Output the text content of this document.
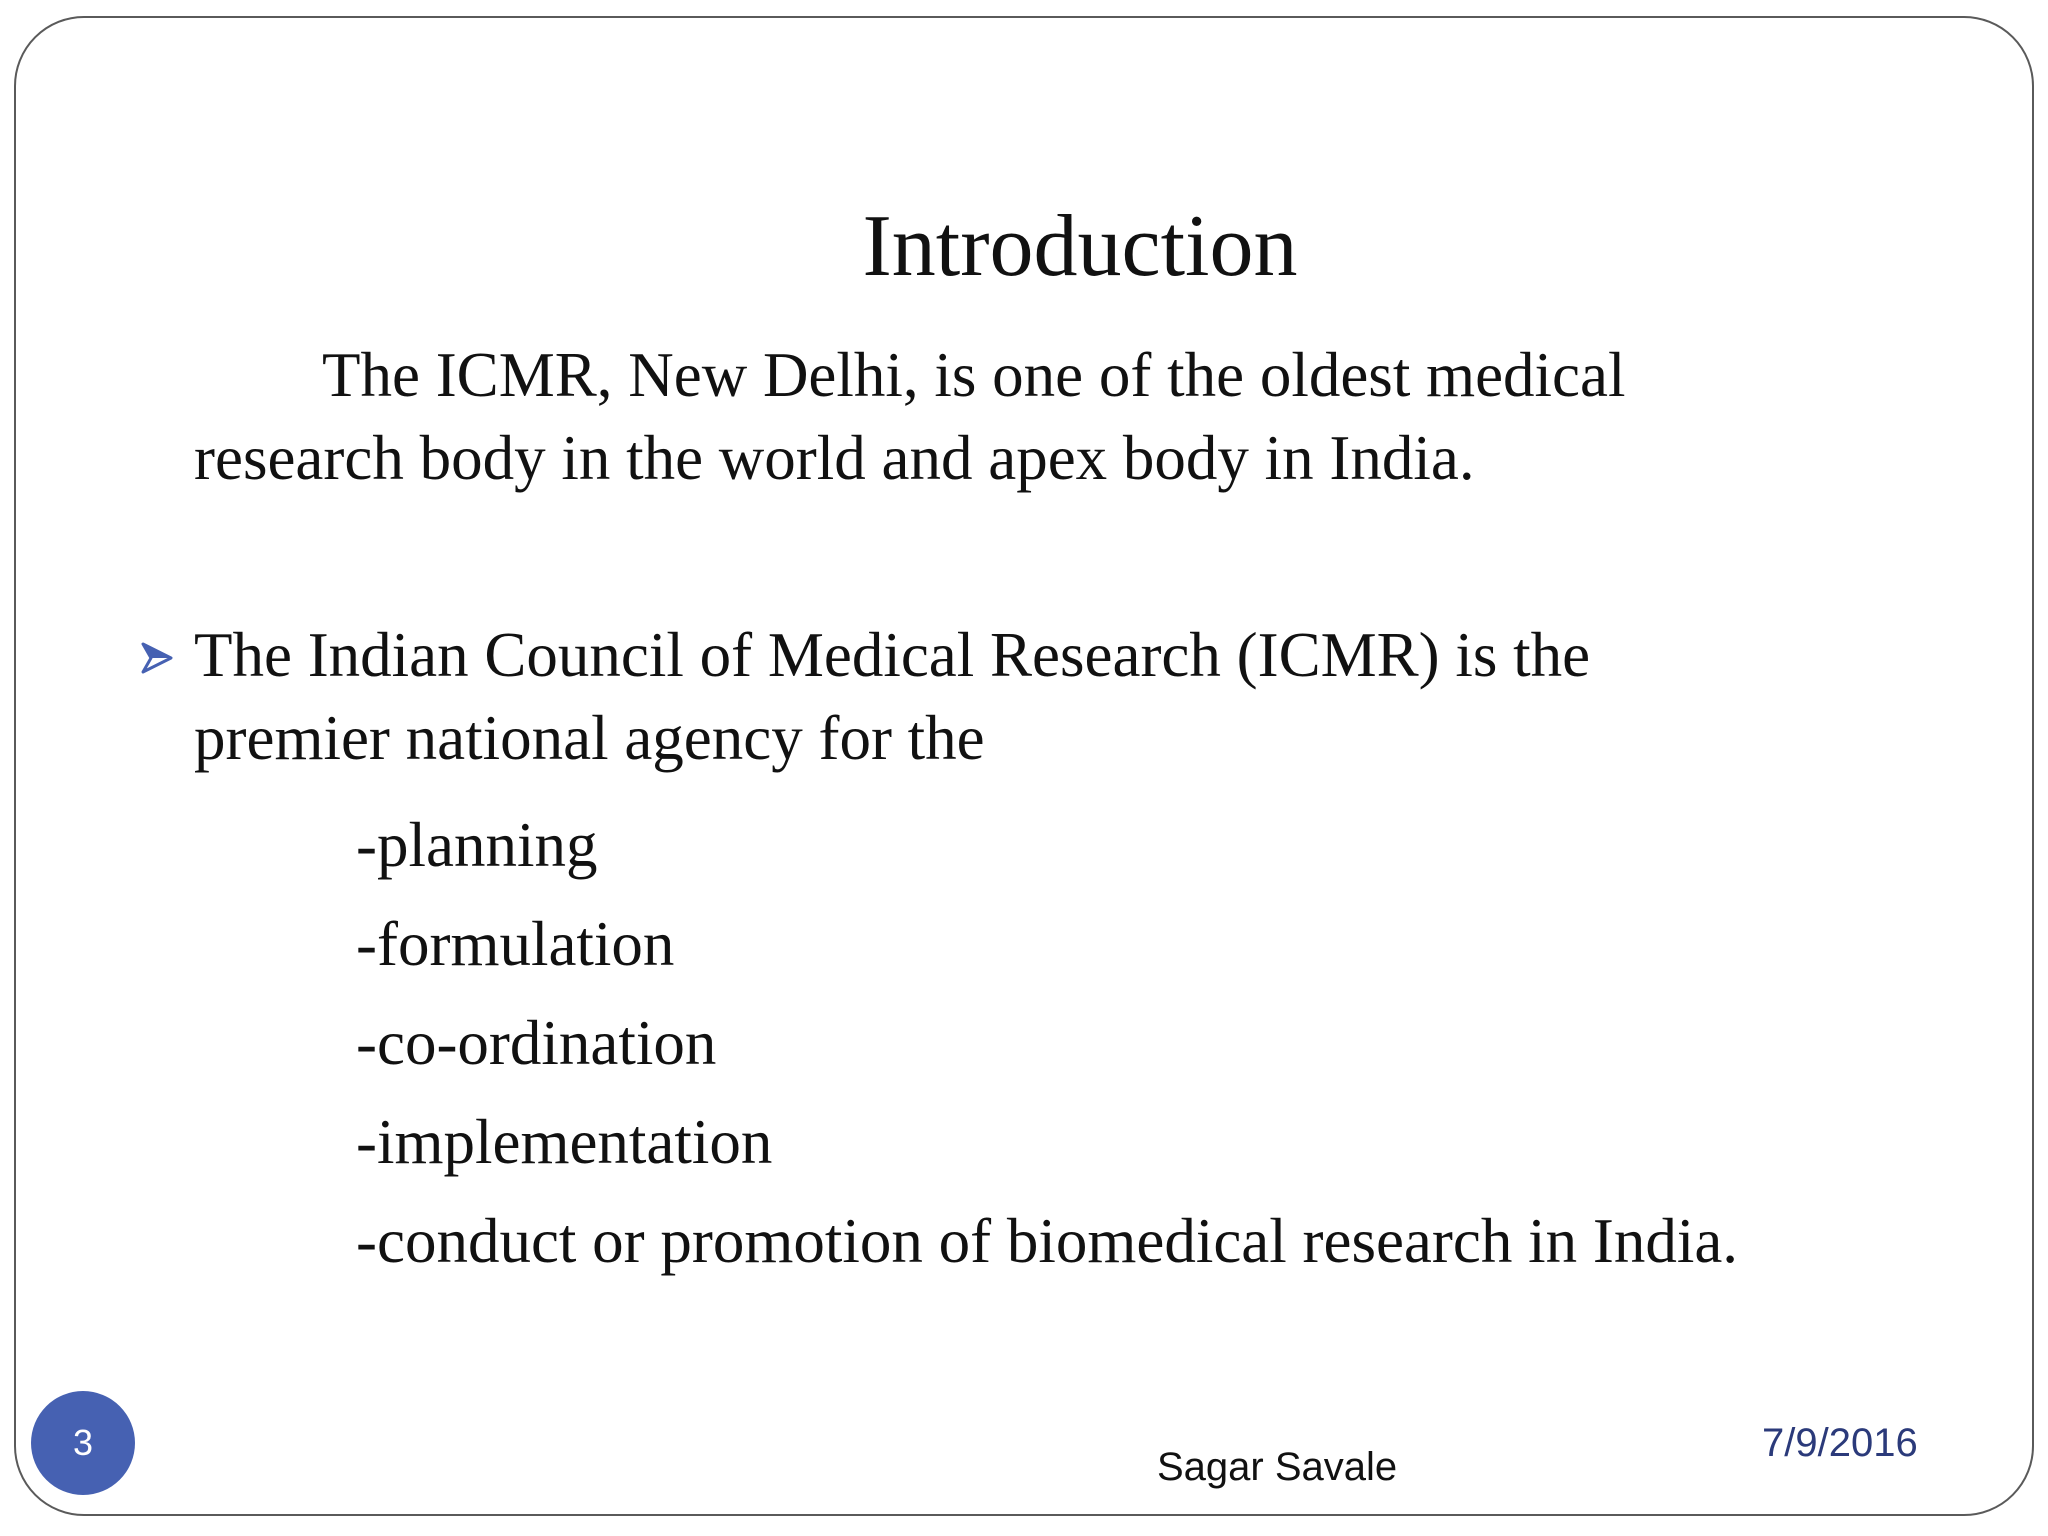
Introduction
The ICMR, New Delhi, is one of the oldest medical
research body in the world and apex body in India.
The Indian Council of Medical Research (ICMR) is the
premier national agency for the
-planning
-formulation
-co-ordination
-implementation
-conduct or promotion of biomedical research in India.
3
Sagar Savale
7/9/2016
